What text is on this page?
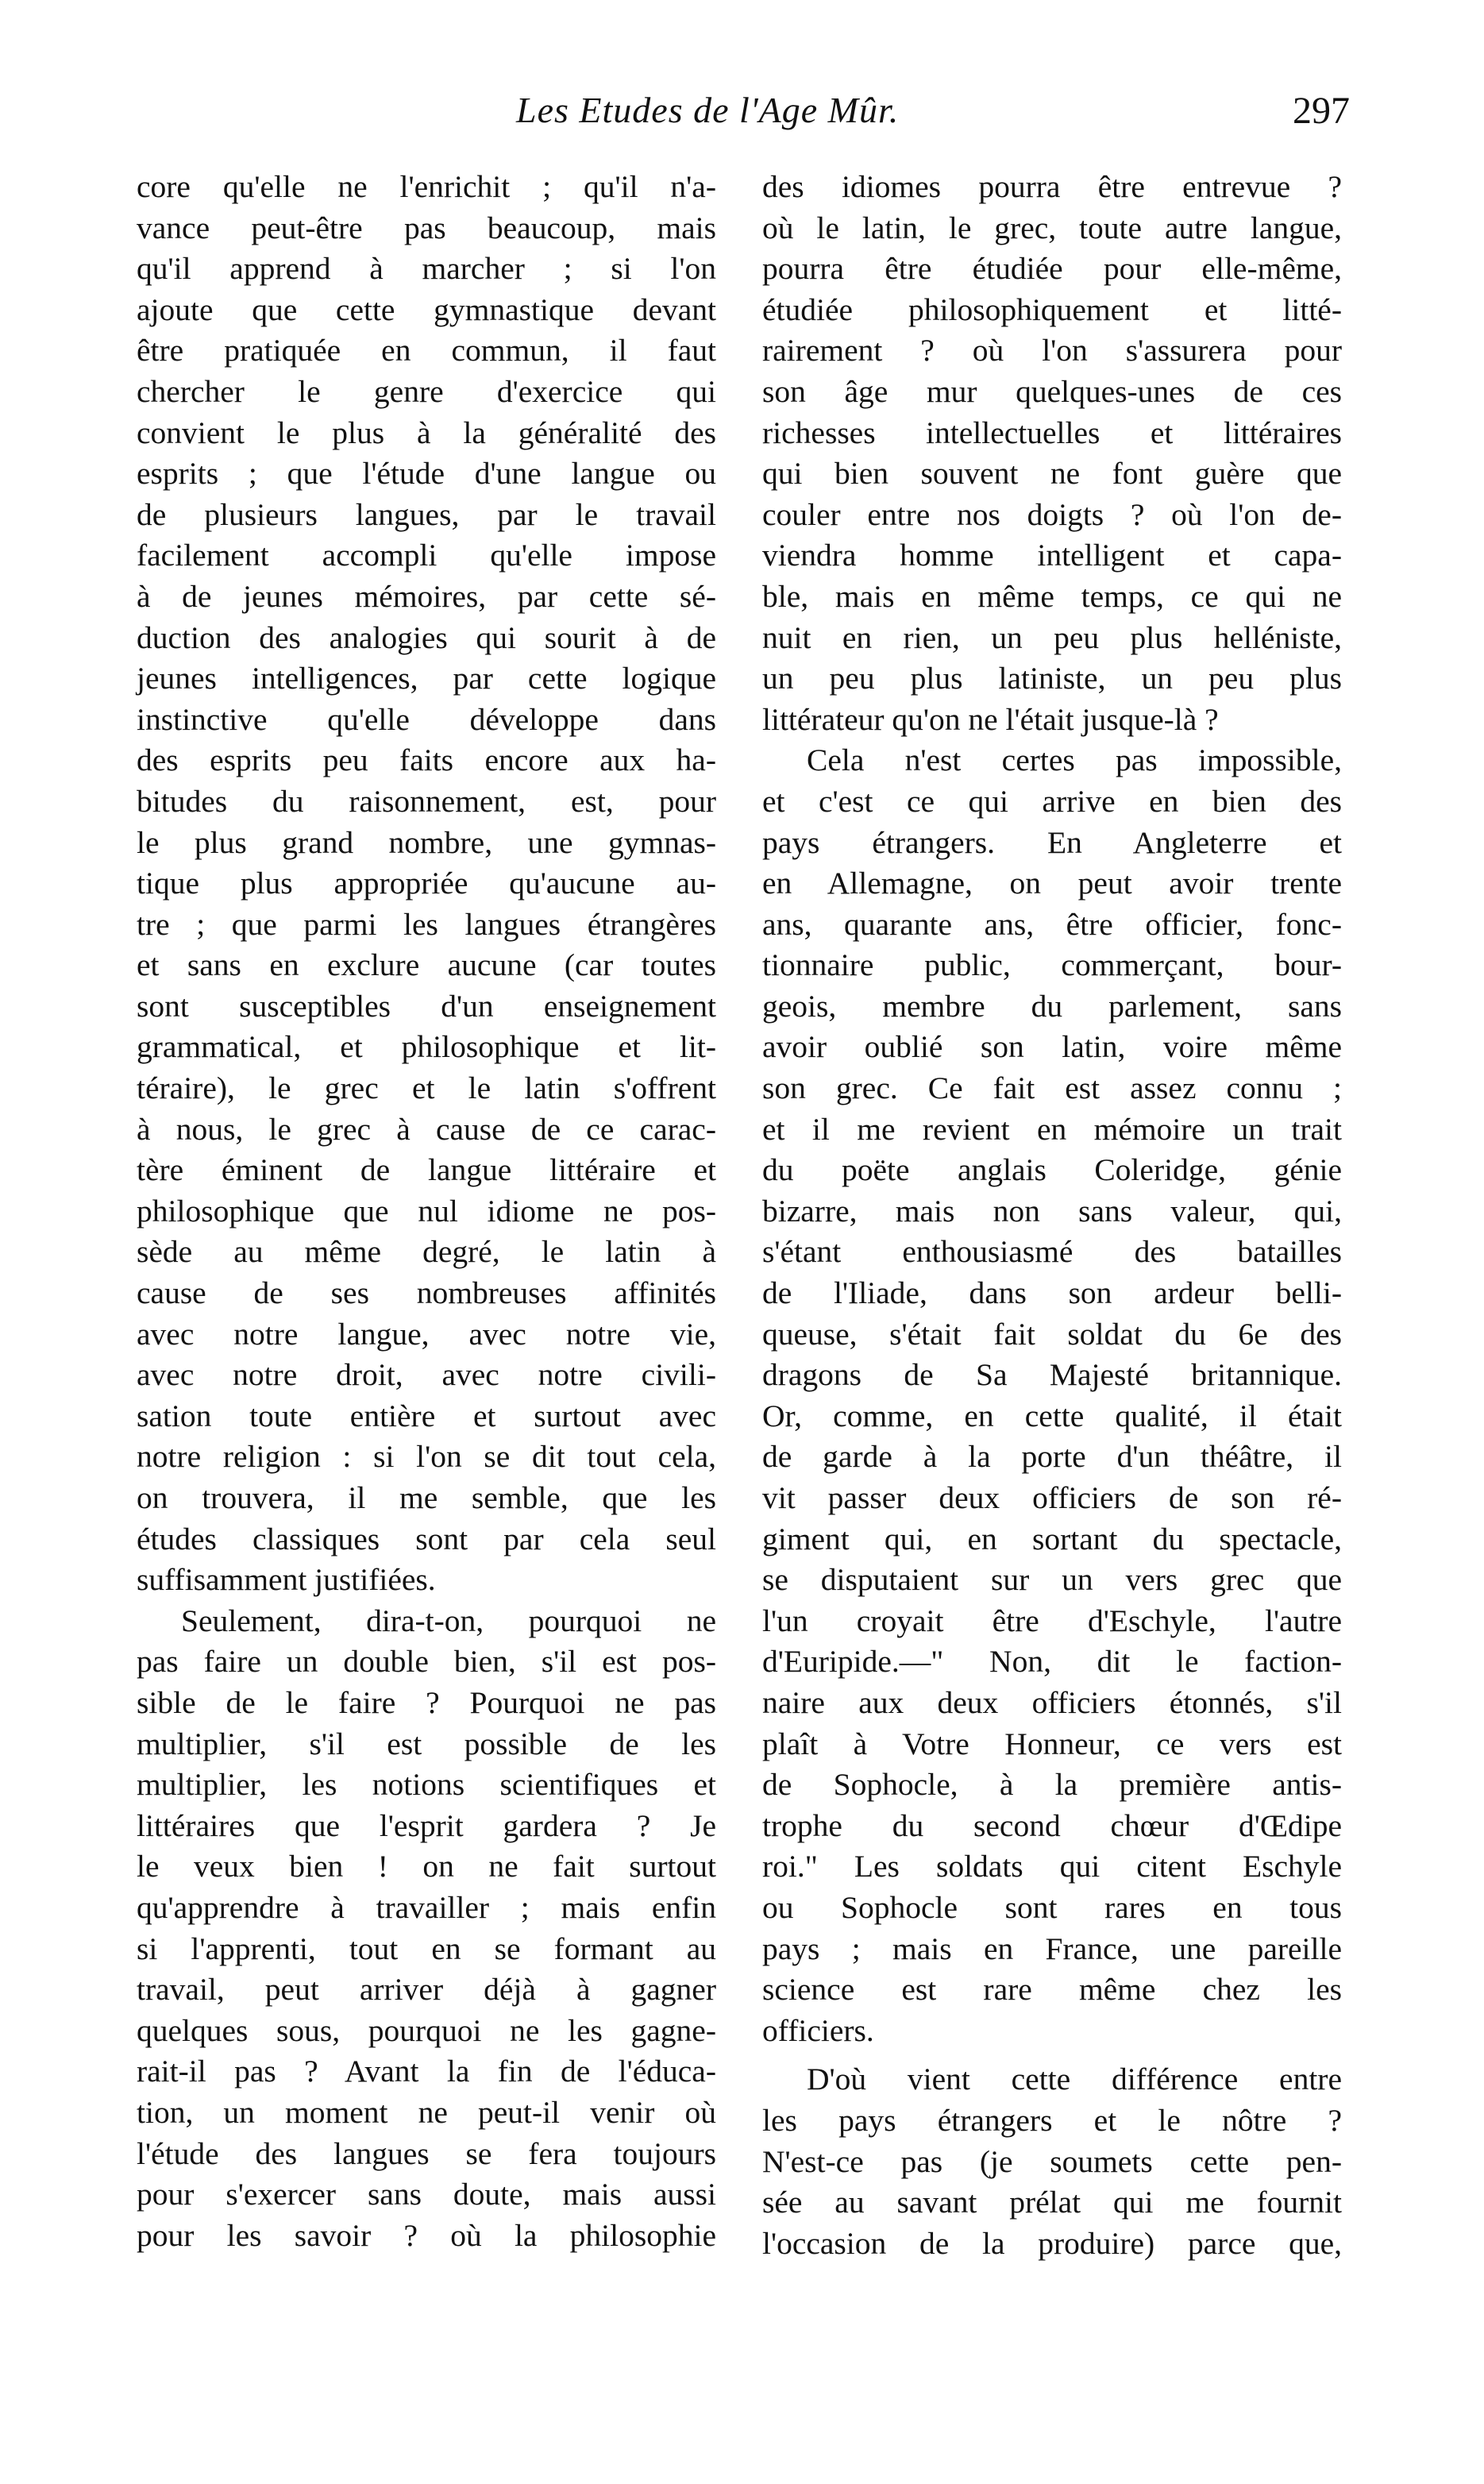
Les Etudes de l'Age Mûr.	297
core qu'elle ne l'enrichit ; qu'il n'a-
vance peut-être pas beaucoup, mais
qu'il apprend à marcher ; si l'on
ajoute que cette gymnastique devant
être pratiquée en commun, il faut
chercher le genre d'exercice qui
convient le plus à la généralité des
esprits ; que l'étude d'une langue ou
de plusieurs langues, par le travail
facilement accompli qu'elle impose
à de jeunes mémoires, par cette sé-
duction des analogies qui sourit à de
jeunes intelligences, par cette logique
instinctive qu'elle développe dans
des esprits peu faits encore aux ha-
bitudes du raisonnement, est, pour
le plus grand nombre, une gymnas-
tique plus appropriée qu'aucune au-
tre ; que parmi les langues étrangères
et sans en exclure aucune (car toutes
sont susceptibles d'un enseignement
grammatical, et philosophique et lit-
téraire), le grec et le latin s'offrent
à nous, le grec à cause de ce carac-
tère éminent de langue littéraire et
philosophique que nul idiome ne pos-
sède au même degré, le latin à
cause de ses nombreuses affinités
avec notre langue, avec notre vie,
avec notre droit, avec notre civili-
sation toute entière et surtout avec
notre religion : si l'on se dit tout cela,
on trouvera, il me semble, que les
études classiques sont par cela seul
suffisamment justifiées.
Seulement, dira-t-on, pourquoi ne
pas faire un double bien, s'il est pos-
sible de le faire ? Pourquoi ne pas
multiplier, s'il est possible de les
multiplier, les notions scientifiques et
littéraires que l'esprit gardera ? Je
le veux bien ! on ne fait surtout
qu'apprendre à travailler ; mais enfin
si l'apprenti, tout en se formant au
travail, peut arriver déjà à gagner
quelques sous, pourquoi ne les gagne-
rait-il pas ? Avant la fin de l'éduca-
tion, un moment ne peut-il venir où
l'étude des langues se fera toujours
pour s'exercer sans doute, mais aussi
pour les savoir ? où la philosophie
des idiomes pourra être entrevue ?
où le latin, le grec, toute autre langue,
pourra être étudiée pour elle-même,
étudiée philosophiquement et litté-
rairement ? où l'on s'assurera pour
son âge mur quelques-unes de ces
richesses intellectuelles et littéraires
qui bien souvent ne font guère que
couler entre nos doigts ? où l'on de-
viendra homme intelligent et capa-
ble, mais en même temps, ce qui ne
nuit en rien, un peu plus helléniste,
un peu plus latiniste, un peu plus
littérateur qu'on ne l'était jusque-là ?
Cela n'est certes pas impossible,
et c'est ce qui arrive en bien des
pays étrangers. En Angleterre et
en Allemagne, on peut avoir trente
ans, quarante ans, être officier, fonc-
tionnaire public, commerçant, bour-
geois, membre du parlement, sans
avoir oublié son latin, voire même
son grec. Ce fait est assez connu ;
et il me revient en mémoire un trait
du poëte anglais Coleridge, génie
bizarre, mais non sans valeur, qui,
s'étant enthousiasmé des batailles
de l'Iliade, dans son ardeur belli-
queuse, s'était fait soldat du 6e des
dragons de Sa Majesté britannique.
Or, comme, en cette qualité, il était
de garde à la porte d'un théâtre, il
vit passer deux officiers de son ré-
giment qui, en sortant du spectacle,
se disputaient sur un vers grec que
l'un croyait être d'Eschyle, l'autre
d'Euripide.—" Non, dit le faction-
naire aux deux officiers étonnés, s'il
plaît à Votre Honneur, ce vers est
de Sophocle, à la première antis-
trophe du second chœur d'Œdipe
roi." Les soldats qui citent Eschyle
ou Sophocle sont rares en tous
pays ; mais en France, une pareille
science est rare même chez les
officiers.
D'où vient cette différence entre
les pays étrangers et le nôtre ?
N'est-ce pas (je soumets cette pen-
sée au savant prélat qui me fournit
l'occasion de la produire) parce que,
